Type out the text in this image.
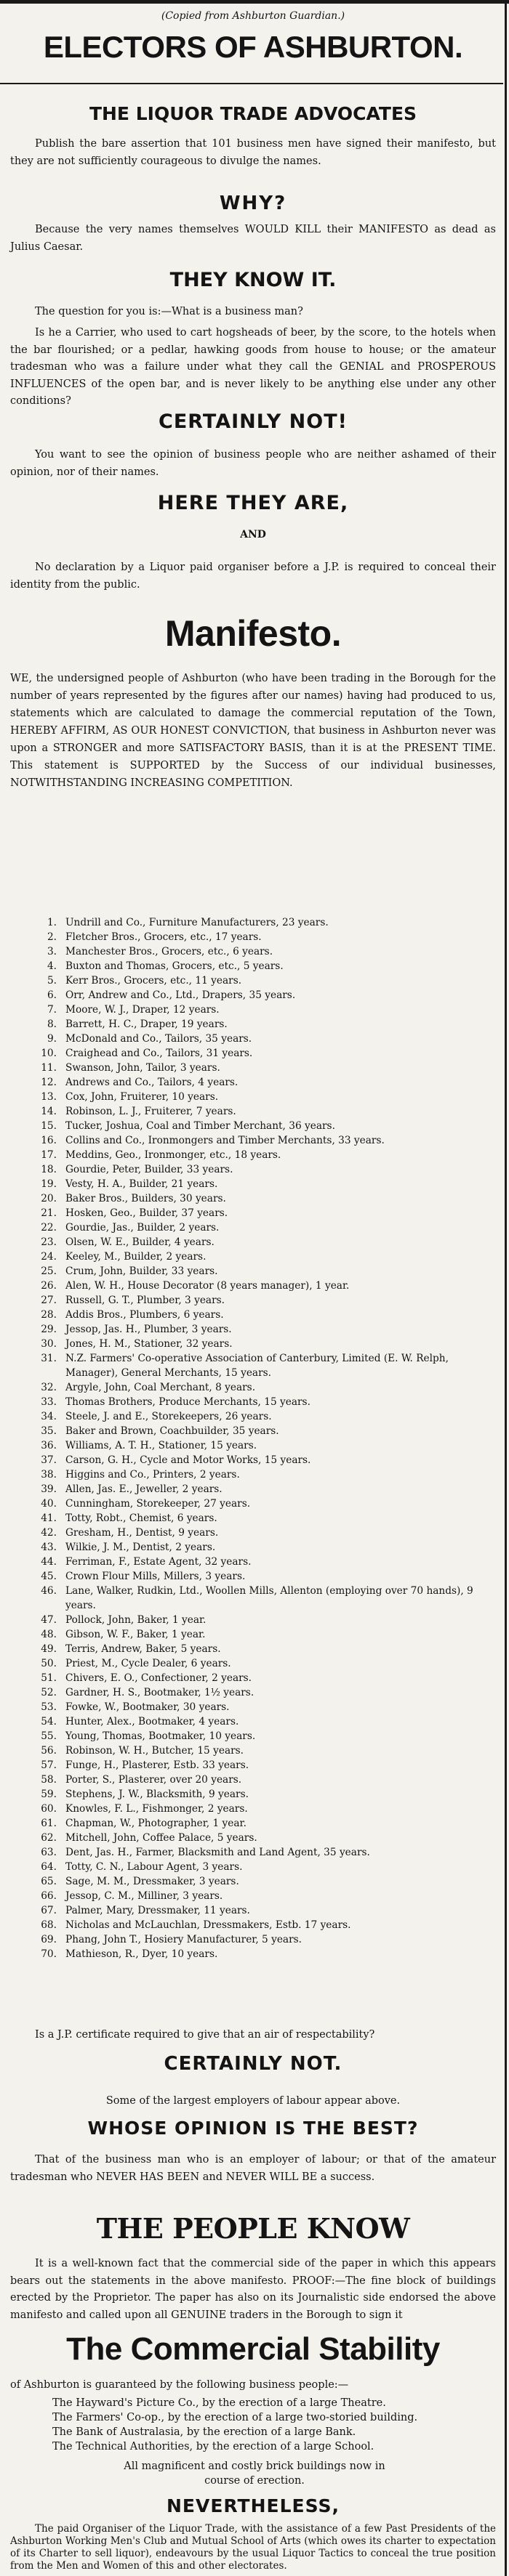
(Copied from Ashburton Guardian.)

ELECTORS OF ASHBURTON.
THE LIQUOR TRADE ADVOCATES

Publish the bare assertion that 101 business men have signed their manifesto, but they are not sufficiently courageous to divulge the names.

WHY?

Because the very names themselves WOULD KILL their MANIFESTO as dead as Julius Caesar.

THEY KNOW IT.

The question for you is:—What is a business man?

Is he a Carrier, who used to cart hogsheads of beer, by the score, to the hotels when the bar flourished; or a pedlar, hawking goods from house to house; or the amateur tradesman who was a failure under what they call the GENIAL and PROSPEROUS INFLUENCES of the open bar, and is never likely to be anything else under any other conditions?

CERTAINLY NOT!

You want to see the opinion of business people who are neither ashamed of their opinion, nor of their names.

HERE THEY ARE,

AND

No declaration by a Liquor paid organiser before a J.P. is required to conceal their identity from the public.

Manifesto.

WE, the undersigned people of Ashburton (who have been trading in the Borough for the number of years represented by the figures after our names) having had produced to us, statements which are calculated to damage the commercial reputation of the Town, HEREBY AFFIRM, AS OUR HONEST CONVICTION, that business in Ashburton never was upon a STRONGER and more SATISFACTORY BASIS, than it is at the PRESENT TIME. This statement is SUPPORTED by the Success of our individual businesses, NOTWITHSTANDING INCREASING COMPETITION.

1. Undrill and Co., Furniture Manufacturers, 23 years.
2. Fletcher Bros., Grocers, etc., 17 years.
3. Manchester Bros., Grocers, etc., 6 years.
4. Buxton and Thomas, Grocers, etc., 5 years.
5. Kerr Bros., Grocers, etc., 11 years.
6. Orr, Andrew and Co., Ltd., Drapers, 35 years.
7. Moore, W. J., Draper, 12 years.
8. Barrett, H. C., Draper, 19 years.
9. McDonald and Co., Tailors, 35 years.
10. Craighead and Co., Tailors, 31 years.
11. Swanson, John, Tailor, 3 years.
12. Andrews and Co., Tailors, 4 years.
13. Cox, John, Fruiterer, 10 years.
14. Robinson, L. J., Fruiterer, 7 years.
15. Tucker, Joshua, Coal and Timber Merchant, 36 years.
16. Collins and Co., Ironmongers and Timber Merchants, 33 years.
17. Meddins, Geo., Ironmonger, etc., 18 years.
18. Gourdie, Peter, Builder, 33 years.
19. Vesty, H. A., Builder, 21 years.
20. Baker Bros., Builders, 30 years.
21. Hosken, Geo., Builder, 37 years.
22. Gourdie, Jas., Builder, 2 years.
23. Olsen, W. E., Builder, 4 years.
24. Keeley, M., Builder, 2 years.
25. Crum, John, Builder, 33 years.
26. Alen, W. H., House Decorator (8 years manager), 1 year.
27. Russell, G. T., Plumber, 3 years.
28. Addis Bros., Plumbers, 6 years.
29. Jessop, Jas. H., Plumber, 3 years.
30. Jones, H. M., Stationer, 32 years.
31. N.Z. Farmers' Co-operative Association of Canterbury, Limited (E. W. Relph, Manager), General Merchants, 15 years.
32. Argyle, John, Coal Merchant, 8 years.
33. Thomas Brothers, Produce Merchants, 15 years.
34. Steele, J. and E., Storekeepers, 26 years.
35. Baker and Brown, Coachbuilder, 35 years.
36. Williams, A. T. H., Stationer, 15 years.
37. Carson, G. H., Cycle and Motor Works, 15 years.
38. Higgins and Co., Printers, 2 years.
39. Allen, Jas. E., Jeweller, 2 years.
40. Cunningham, Storekeeper, 27 years.
41. Totty, Robt., Chemist, 6 years.
42. Gresham, H., Dentist, 9 years.
43. Wilkie, J. M., Dentist, 2 years.
44. Ferriman, F., Estate Agent, 32 years.
45. Crown Flour Mills, Millers, 3 years.
46. Lane, Walker, Rudkin, Ltd., Woollen Mills, Allenton (employing over 70 hands), 9 years.
47. Pollock, John, Baker, 1 year.
48. Gibson, W. F., Baker, 1 year.
49. Terris, Andrew, Baker, 5 years.
50. Priest, M., Cycle Dealer, 6 years.
51. Chivers, E. O., Confectioner, 2 years.
52. Gardner, H. S., Bootmaker, 1½ years.
53. Fowke, W., Bootmaker, 30 years.
54. Hunter, Alex., Bootmaker, 4 years.
55. Young, Thomas, Bootmaker, 10 years.
56. Robinson, W. H., Butcher, 15 years.
57. Funge, H., Plasterer, Estb. 33 years.
58. Porter, S., Plasterer, over 20 years.
59. Stephens, J. W., Blacksmith, 9 years.
60. Knowles, F. L., Fishmonger, 2 years.
61. Chapman, W., Photographer, 1 year.
62. Mitchell, John, Coffee Palace, 5 years.
63. Dent, Jas. H., Farmer, Blacksmith and Land Agent, 35 years.
64. Totty, C. N., Labour Agent, 3 years.
65. Sage, M. M., Dressmaker, 3 years.
66. Jessop, C. M., Milliner, 3 years.
67. Palmer, Mary, Dressmaker, 11 years.
68. Nicholas and McLauchlan, Dressmakers, Estb. 17 years.
69. Phang, John T., Hosiery Manufacturer, 5 years.
70. Mathieson, R., Dyer, 10 years.

Is a J.P. certificate required to give that an air of respectability?

CERTAINLY NOT.

Some of the largest employers of labour appear above.

WHOSE OPINION IS THE BEST?

That of the business man who is an employer of labour; or that of the amateur tradesman who NEVER HAS BEEN and NEVER WILL BE a success.

THE PEOPLE KNOW

It is a well-known fact that the commercial side of the paper in which this appears bears out the statements in the above manifesto. PROOF:—The fine block of buildings erected by the Proprietor. The paper has also on its Journalistic side endorsed the above manifesto and called upon all GENUINE traders in the Borough to sign it

The Commercial Stability

of Ashburton is guaranteed by the following business people:—

The Hayward's Picture Co., by the erection of a large Theatre.

The Farmers' Co-op., by the erection of a large two-storied building.

The Bank of Australasia, by the erection of a large Bank.

The Technical Authorities, by the erection of a large School.

All magnificent and costly brick buildings now in course of erection.

NEVERTHELESS,

The paid Organiser of the Liquor Trade, with the assistance of a few Past Presidents of the Ashburton Working Men's Club and Mutual School of Arts (which owes its charter to expectation of its Charter to sell liquor), endeavours by the usual Liquor Tactics to conceal the true position from the Men and Women of this and other electorates.
